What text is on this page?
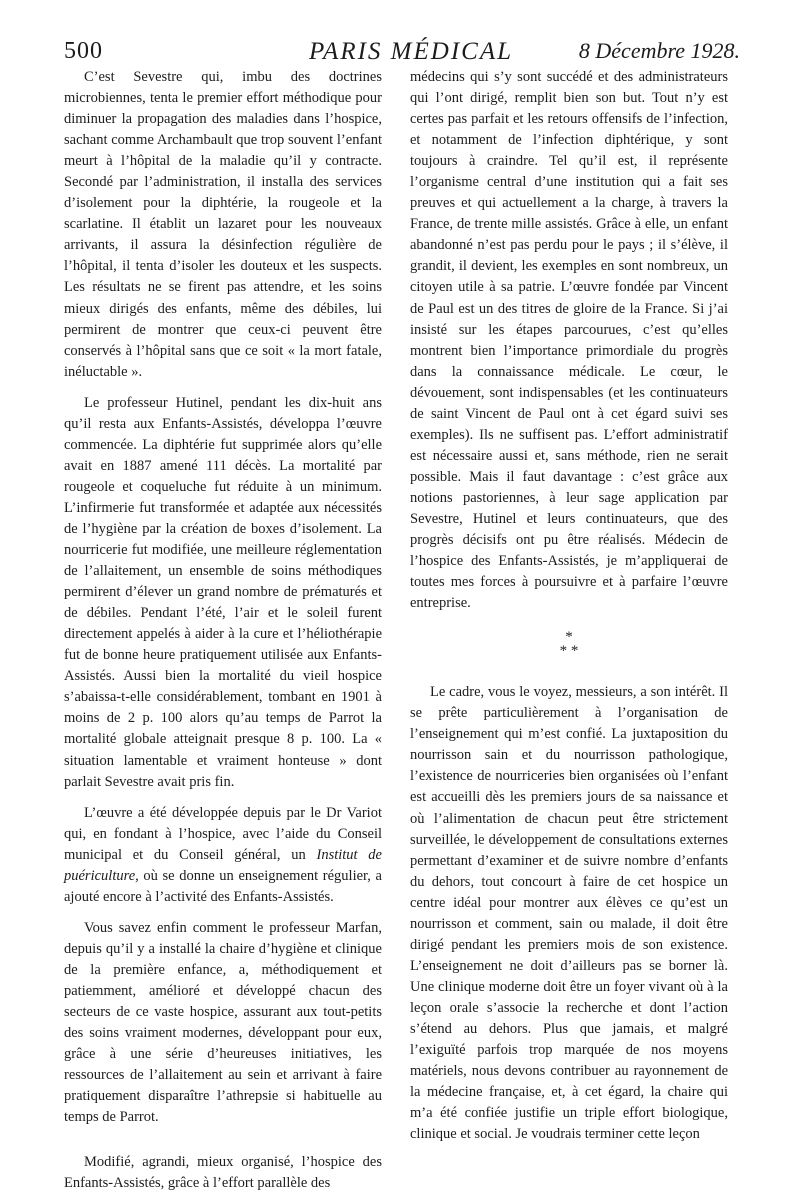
500	PARIS MÉDICAL	8 Décembre 1928.

C’est Sevestre qui, imbu des doctrines microbiennes, tenta le premier effort méthodique pour diminuer la propagation des maladies dans l’hospice, sachant comme Archambault que trop souvent l’enfant meurt à l’hôpital de la maladie qu’il y contracte. Secondé par l’administration, il installa des services d’isolement pour la diphtérie, la rougeole et la scarlatine. Il établit un lazaret pour les nouveaux arrivants, il assura la désinfection régulière de l’hôpital, il tenta d’isoler les douteux et les suspects. Les résultats ne se firent pas attendre, et les soins mieux dirigés des enfants, même des débiles, lui permirent de montrer que ceux-ci peuvent être conservés à l’hôpital sans que ce soit « la mort fatale, inéluctable ».

Le professeur Hutinel, pendant les dix-huit ans qu’il resta aux Enfants-Assistés, développa l’œuvre commencée. La diphtérie fut supprimée alors qu’elle avait en 1887 amené 111 décès. La mortalité par rougeole et coqueluche fut réduite à un minimum. L’infirmerie fut transformée et adaptée aux nécessités de l’hygiène par la création de boxes d’isolement. La nourricerie fut modifiée, une meilleure réglementation de l’allaitement, un ensemble de soins méthodiques permirent d’élever un grand nombre de prématurés et de débiles. Pendant l’été, l’air et le soleil furent directement appelés à aider à la cure et l’héliothérapie fut de bonne heure pratiquement utilisée aux Enfants-Assistés. Aussi bien la mortalité du vieil hospice s’abaissa-t-elle considérablement, tombant en 1901 à moins de 2 p. 100 alors qu’au temps de Parrot la mortalité globale atteignait presque 8 p. 100. La « situation lamentable et vraiment honteuse » dont parlait Sevestre avait pris fin.

L’œuvre a été développée depuis par le Dr Variot qui, en fondant à l’hospice, avec l’aide du Conseil municipal et du Conseil général, un Institut de puériculture, où se donne un enseignement régulier, a ajouté encore à l’activité des Enfants-Assistés.

Vous savez enfin comment le professeur Marfan, depuis qu’il y a installé la chaire d’hygiène et clinique de la première enfance, a, méthodiquement et patiemment, amélioré et développé chacun des secteurs de ce vaste hospice, assurant aux tout-petits des soins vraiment modernes, développant pour eux, grâce à une série d’heureuses initiatives, les ressources de l’allaitement au sein et arrivant à faire pratiquement disparaître l’athrepsie si habituelle au temps de Parrot.

Modifié, agrandi, mieux organisé, l’hospice des Enfants-Assistés, grâce à l’effort parallèle des

médecins qui s’y sont succédé et des administrateurs qui l’ont dirigé, remplit bien son but. Tout n’y est certes pas parfait et les retours offensifs de l’infection, et notamment de l’infection diphtérique, y sont toujours à craindre. Tel qu’il est, il représente l’organisme central d’une institution qui a fait ses preuves et qui actuellement a la charge, à travers la France, de trente mille assistés. Grâce à elle, un enfant abandonné n’est pas perdu pour le pays ; il s’élève, il grandit, il devient, les exemples en sont nombreux, un citoyen utile à sa patrie. L’œuvre fondée par Vincent de Paul est un des titres de gloire de la France. Si j’ai insisté sur les étapes parcourues, c’est qu’elles montrent bien l’importance primordiale du progrès dans la connaissance médicale. Le cœur, le dévouement, sont indispensables (et les continuateurs de saint Vincent de Paul ont à cet égard suivi ses exemples). Ils ne suffisent pas. L’effort administratif est nécessaire aussi et, sans méthode, rien ne serait possible. Mais il faut davantage : c’est grâce aux notions pastoriennes, à leur sage application par Sevestre, Hutinel et leurs continuateurs, que des progrès décisifs ont pu être réalisés. Médecin de l’hospice des Enfants-Assistés, je m’appliquerai de toutes mes forces à poursuivre et à parfaire l’œuvre entreprise.

*
* *

Le cadre, vous le voyez, messieurs, a son intérêt. Il se prête particulièrement à l’organisation de l’enseignement qui m’est confié. La juxtaposition du nourrisson sain et du nourrisson pathologique, l’existence de nourriceries bien organisées où l’enfant est accueilli dès les premiers jours de sa naissance et où l’alimentation de chacun peut être strictement surveillée, le développement de consultations externes permettant d’examiner et de suivre nombre d’enfants du dehors, tout concourt à faire de cet hospice un centre idéal pour montrer aux élèves ce qu’est un nourrisson et comment, sain ou malade, il doit être dirigé pendant les premiers mois de son existence. L’enseignement ne doit d’ailleurs pas se borner là. Une clinique moderne doit être un foyer vivant où à la leçon orale s’associe la recherche et dont l’action s’étend au dehors. Plus que jamais, et malgré l’exiguïté parfois trop marquée de nos moyens matériels, nous devons contribuer au rayonnement de la médecine française, et, à cet égard, la chaire qui m’a été confiée justifie un triple effort biologique, clinique et social. Je voudrais terminer cette leçon
